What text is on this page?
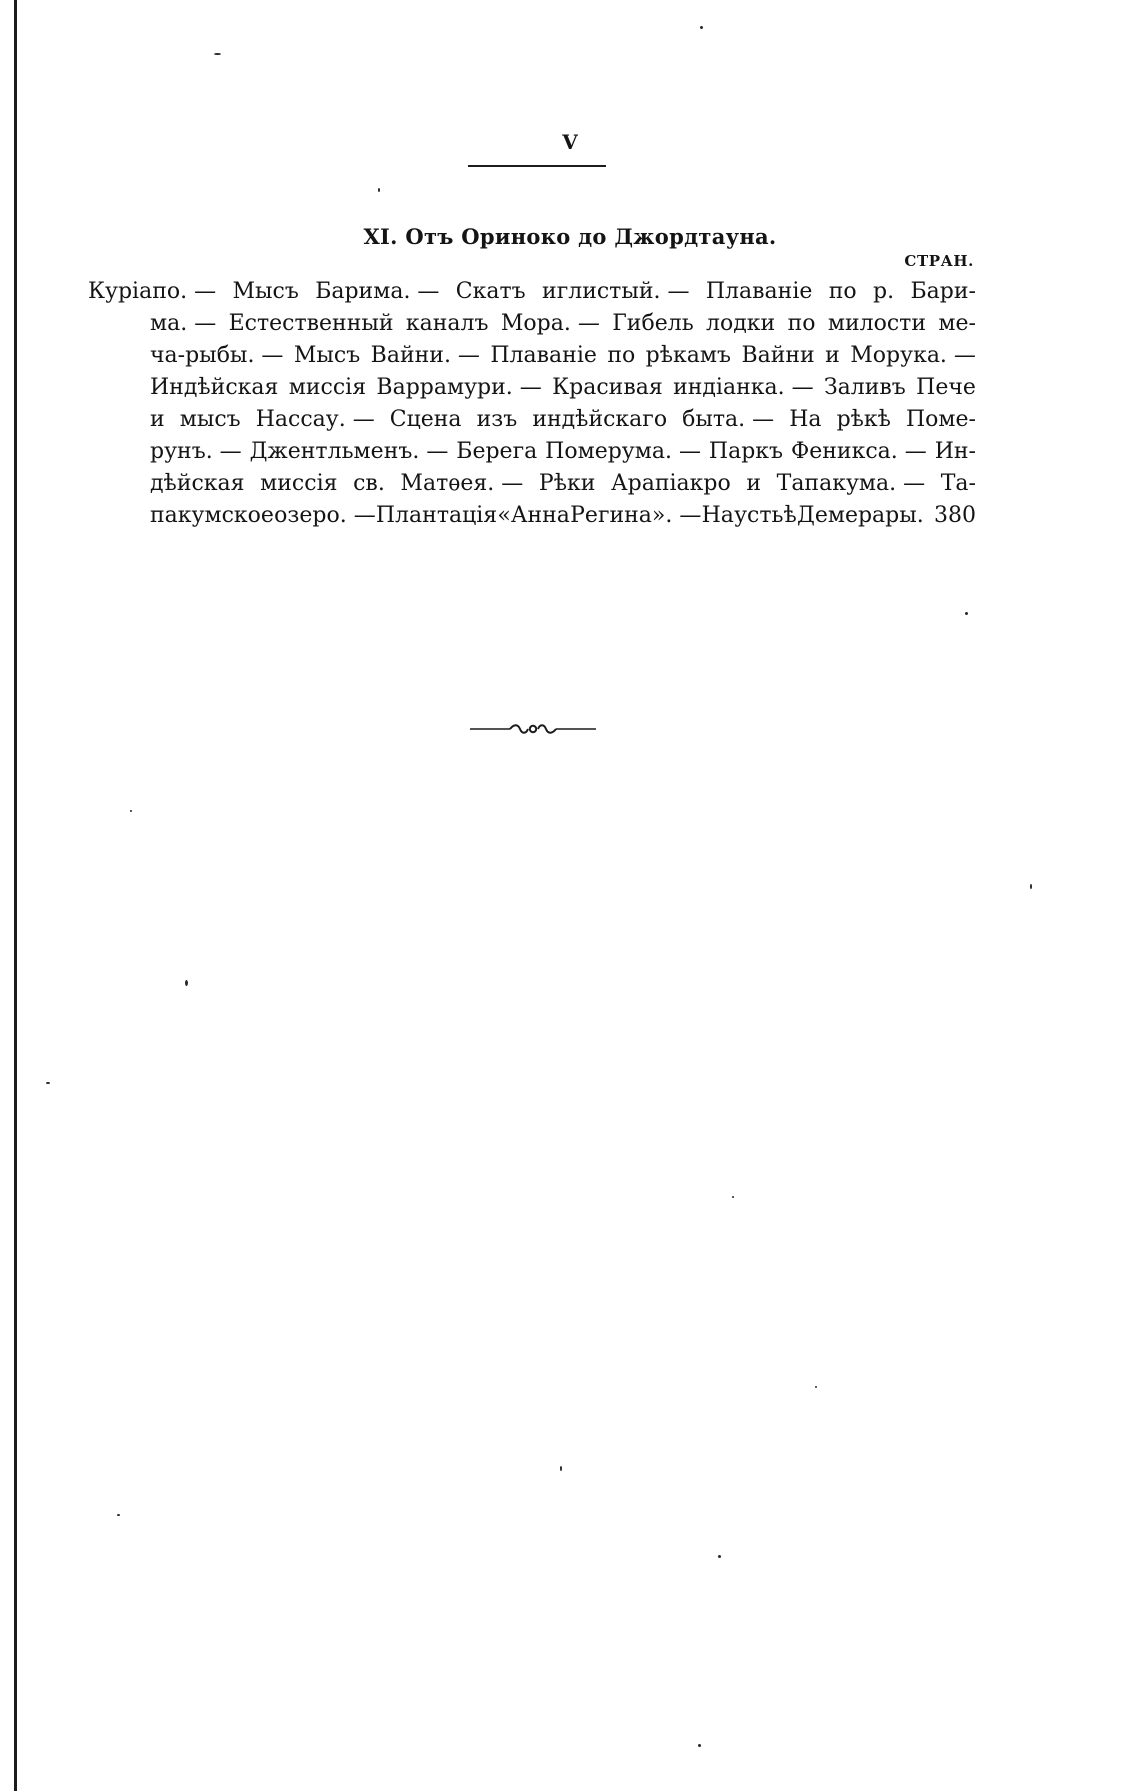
V
XI. Отъ Ориноко до Джордтауна.
СТРАН.
Куріапо. — Мысъ Барима. — Скатъ иглистый. — Плаваніе по р. Бари-
ма. — Естественный каналъ Мора. — Гибель лодки по милости ме-
ча-рыбы. — Мысъ Вайни. — Плаваніе по рѣкамъ Вайни и Морука. —
Индѣйская миссія Варрамури. — Красивая индіанка. — Заливъ Пече
и мысъ Нассау. — Сцена изъ индѣйскаго быта. — На рѣкѣ Поме-
рунъ. — Джентльменъ. — Берега Померума. — Паркъ Феникса. — Ин-
дѣйская миссія св. Матѳея. — Рѣки Арапіакро и Тапакума. — Та-
пакумское озеро. — Плантація «Анна Регина». — На устьѣ Демерары. 380
